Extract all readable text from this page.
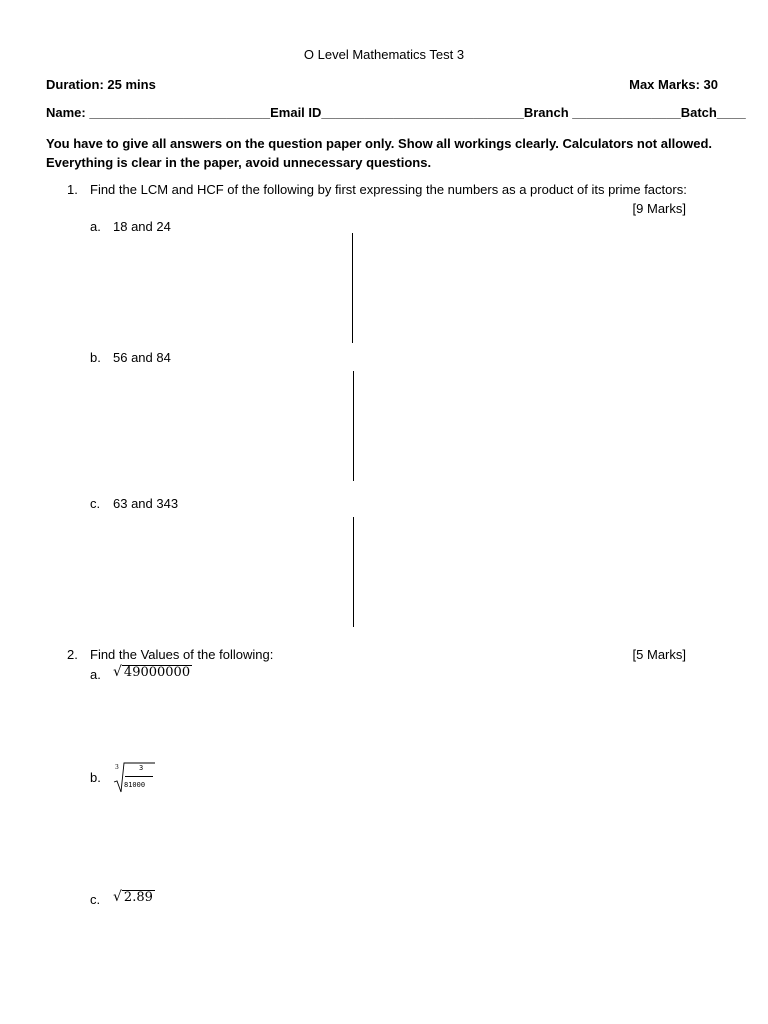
O Level Mathematics Test 3
Duration: 25 mins	Max Marks: 30
Name: _________________________ Email ID____________________________ Branch _______________ Batch____
You have to give all answers on the question paper only. Show all workings clearly. Calculators not allowed. Everything is clear in the paper, avoid unnecessary questions.
1. Find the LCM and HCF of the following by first expressing the numbers as a product of its prime factors:
[9 Marks]
a. 18 and 24
b. 56 and 84
c. 63 and 343
2. Find the Values of the following:	[5 Marks]
a. √ 49000000
b.
3	3
81000
c. √ 2.89
